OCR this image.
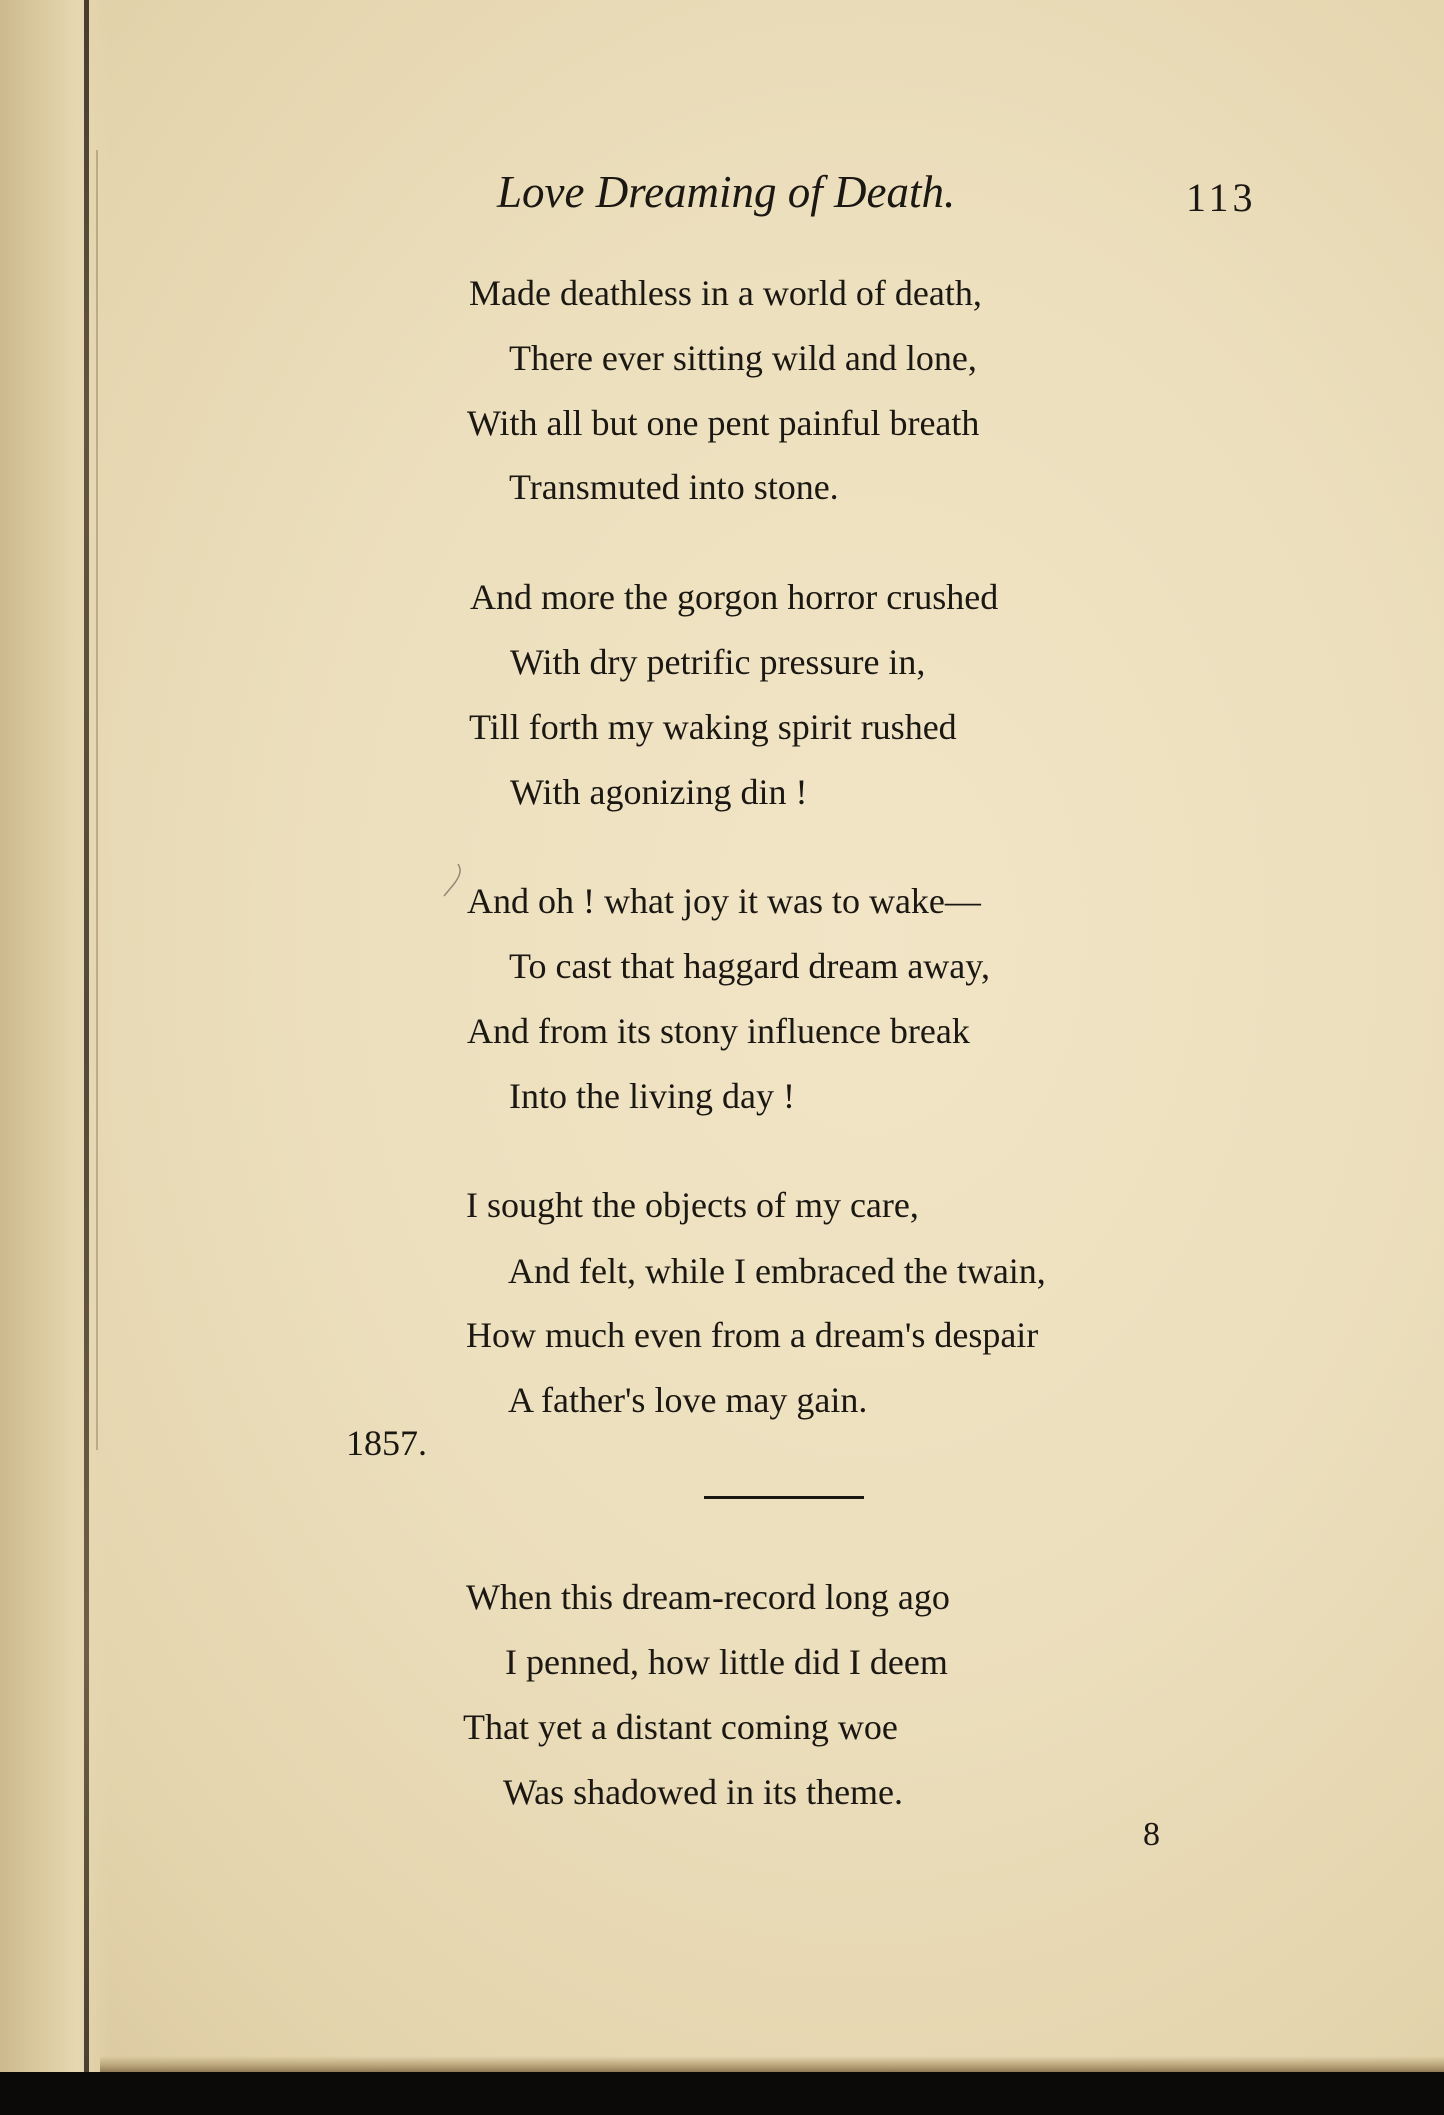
Love Dreaming of Death.	113
Made deathless in a world of death,
There ever sitting wild and lone,
With all but one pent painful breath
Transmuted into stone.
And more the gorgon horror crushed
With dry petrific pressure in,
Till forth my waking spirit rushed
With agonizing din !
And oh ! what joy it was to wake—
To cast that haggard dream away,
And from its stony influence break
Into the living day !
I sought the objects of my care,
And felt, while I embraced the twain,
How much even from a dream's despair
A father's love may gain.
1857.
When this dream-record long ago
I penned, how little did I deem
That yet a distant coming woe
Was shadowed in its theme.
8
